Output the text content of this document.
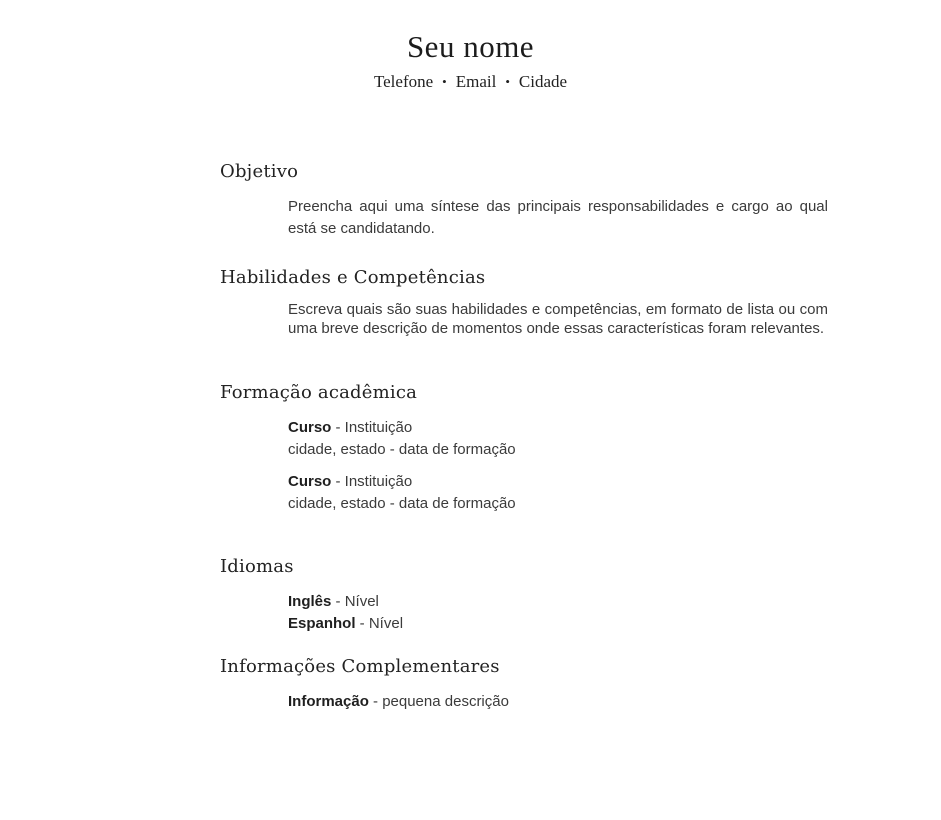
Seu nome
Telefone • Email • Cidade
Objetivo

Preencha aqui uma síntese das principais responsabilidades e cargo ao qual está se candidatando.

Habilidades e Competências

Escreva quais são suas habilidades e competências, em formato de lista ou com uma breve descrição de momentos onde essas características foram relevantes.

Formação acadêmica
Curso - Instituição
cidade, estado - data de formação
Curso - Instituição
cidade, estado - data de formação
Idiomas
Inglês - Nível
Espanhol - Nível
Informações Complementares
Informação - pequena descrição
